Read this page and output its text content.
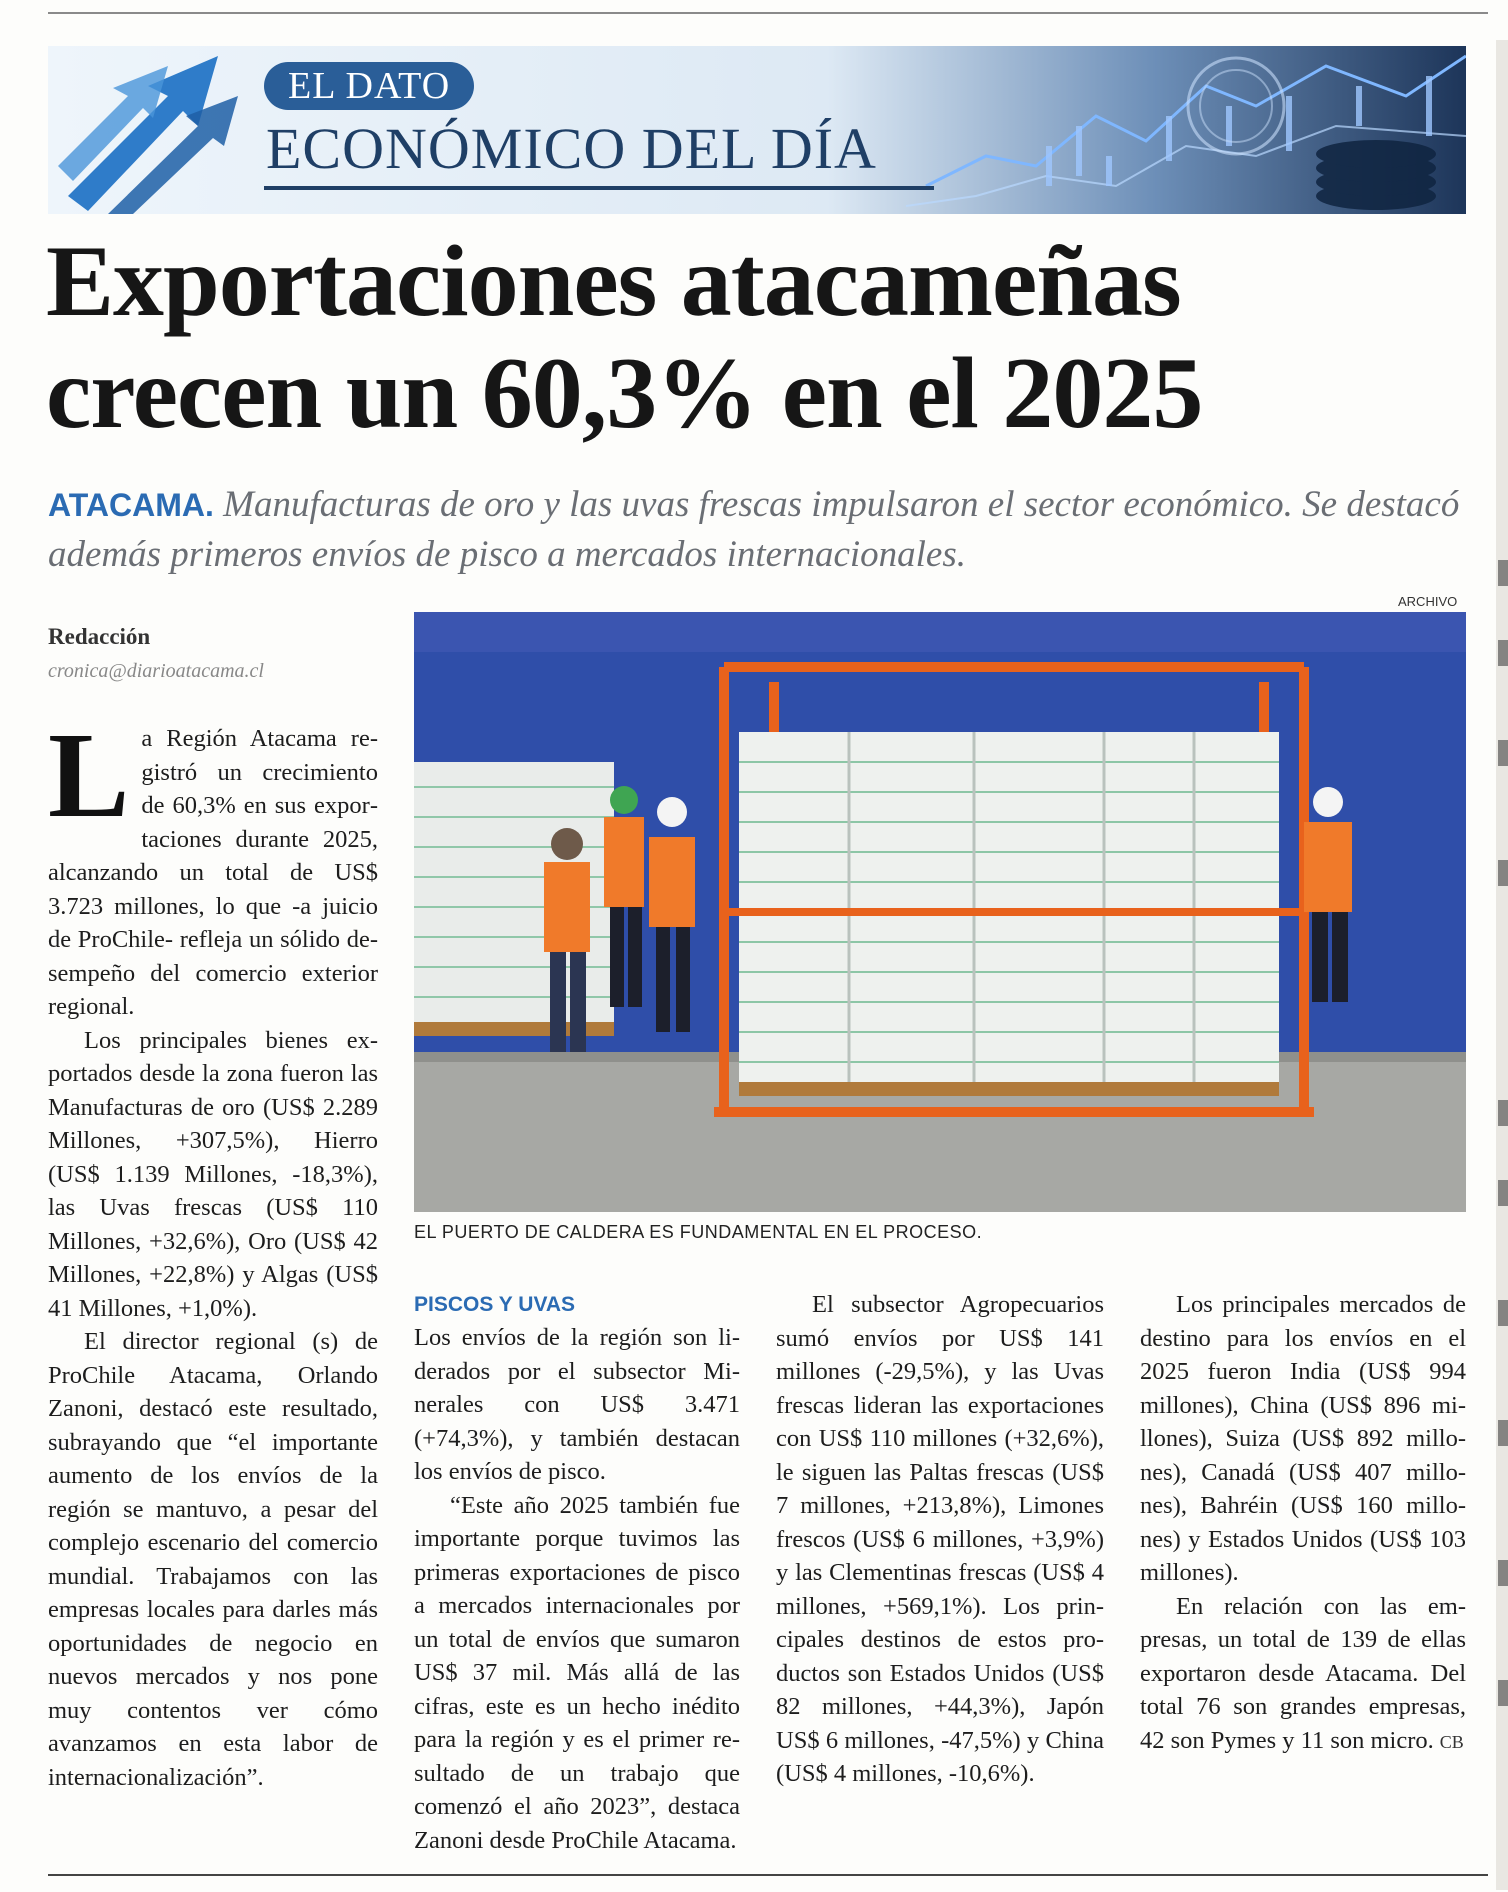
EL DATO
ECONÓMICO DEL DÍA
Exportaciones atacameñas
crecen un 60,3% en el 2025
ATACAMA. Manufacturas de oro y las uvas frescas impulsaron el sector económico. Se destacó además primeros envíos de pisco a mercados internacionales.
ARCHIVO
EL PUERTO DE CALDERA ES FUNDAMENTAL EN EL PROCESO.
Redacción
cronica@diarioatacama.cl

La Región Atacama registró un crecimiento de 60,3% en sus exportaciones durante 2025, alcanzando un total de US$ 3.723 millones, lo que -a juicio de ProChile- refleja un sólido desempeño del comercio exterior regional.

Los principales bienes exportados desde la zona fueron las Manufacturas de oro (US$ 2.289 Millones, +307,5%), Hierro (US$ 1.139 Millones, -18,3%), las Uvas frescas (US$ 110 Millones, +32,6%), Oro (US$ 42 Millones, +22,8%) y Algas (US$ 41 Millones, +1,0%).

El director regional (s) de ProChile Atacama, Orlando Zanoni, destacó este resultado, subrayando que “el importante aumento de los envíos de la región se mantuvo, a pesar del complejo escenario del comercio mundial. Trabajamos con las empresas locales para darles más oportunidades de negocio en nuevos mercados y nos pone muy contentos ver cómo avanzamos en esta labor de internacionalización”.

PISCOS Y UVAS

Los envíos de la región son liderados por el subsector Minerales con US$ 3.471 (+74,3%), y también destacan los envíos de pisco.

“Este año 2025 también fue importante porque tuvimos las primeras exportaciones de pisco a mercados internacionales por un total de envíos que sumaron US$ 37 mil. Más allá de las cifras, este es un hecho inédito para la región y es el primer resultado de un trabajo que comenzó el año 2023”, destaca Zanoni desde ProChile Atacama.

El subsector Agropecuarios sumó envíos por US$ 141 millones (-29,5%), y las Uvas frescas lideran las exportaciones con US$ 110 millones (+32,6%), le siguen las Paltas frescas (US$ 7 millones, +213,8%), Limones frescos (US$ 6 millones, +3,9%) y las Clementinas frescas (US$ 4 millones, +569,1%). Los principales destinos de estos productos son Estados Unidos (US$ 82 millones, +44,3%), Japón US$ 6 millones, -47,5%) y China (US$ 4 millones, -10,6%).

Los principales mercados de destino para los envíos en el 2025 fueron India (US$ 994 millones), China (US$ 896 millones), Suiza (US$ 892 millones), Canadá (US$ 407 millones), Bahréin (US$ 160 millones) y Estados Unidos (US$ 103 millones).

En relación con las empresas, un total de 139 de ellas exportaron desde Atacama. Del total 76 son grandes empresas, 42 son Pymes y 11 son micro. CB
